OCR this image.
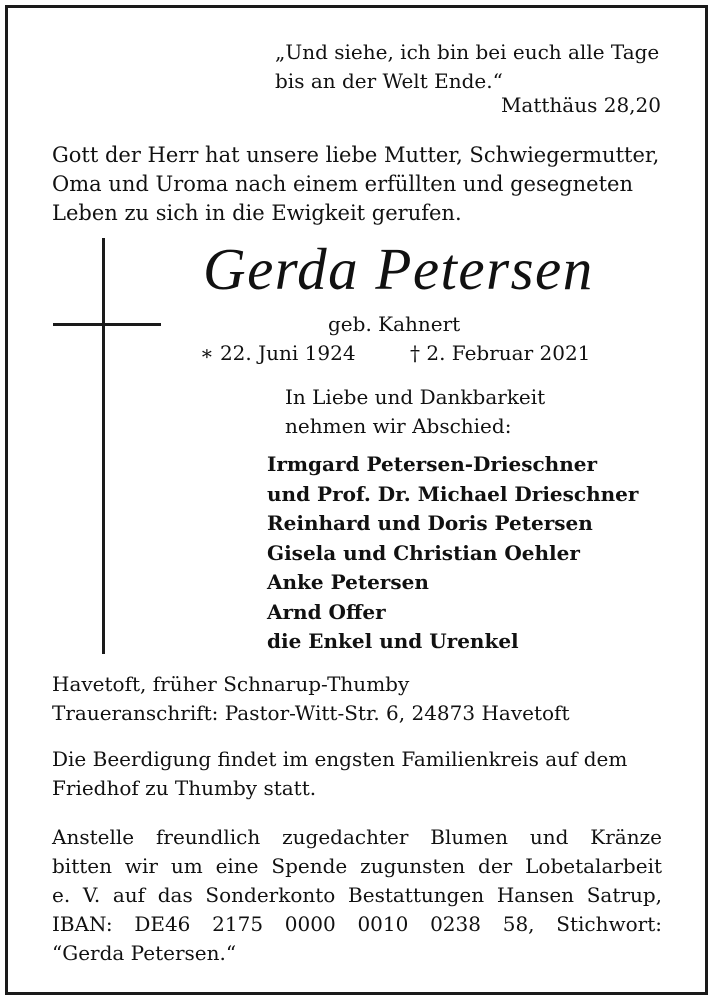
„Und siehe, ich bin bei euch alle Tage
bis an der Welt Ende.“
Matthäus 28,20
Gott der Herr hat unsere liebe Mutter, Schwiegermutter,
Oma und Uroma nach einem erfüllten und gesegneten
Leben zu sich in die Ewigkeit gerufen.
Gerda Petersen
geb. Kahnert
∗ 22. Juni 1924	† 2. Februar 2021
In Liebe und Dankbarkeit
nehmen wir Abschied:
Irmgard Petersen-Drieschner
und Prof. Dr. Michael Drieschner
Reinhard und Doris Petersen
Gisela und Christian Oehler
Anke Petersen
Arnd Offer
die Enkel und Urenkel
Havetoft, früher Schnarup-Thumby
Traueranschrift: Pastor-Witt-Str. 6, 24873 Havetoft
Die Beerdigung findet im engsten Familienkreis auf dem
Friedhof zu Thumby statt.
Anstelle freundlich zugedachter Blumen und Kränze
bitten wir um eine Spende zugunsten der Lobetalarbeit
e. V. auf das Sonderkonto Bestattungen Hansen Satrup,
IBAN: DE46 2175 0000 0010 0238 58, Stichwort:
“Gerda Petersen.“
